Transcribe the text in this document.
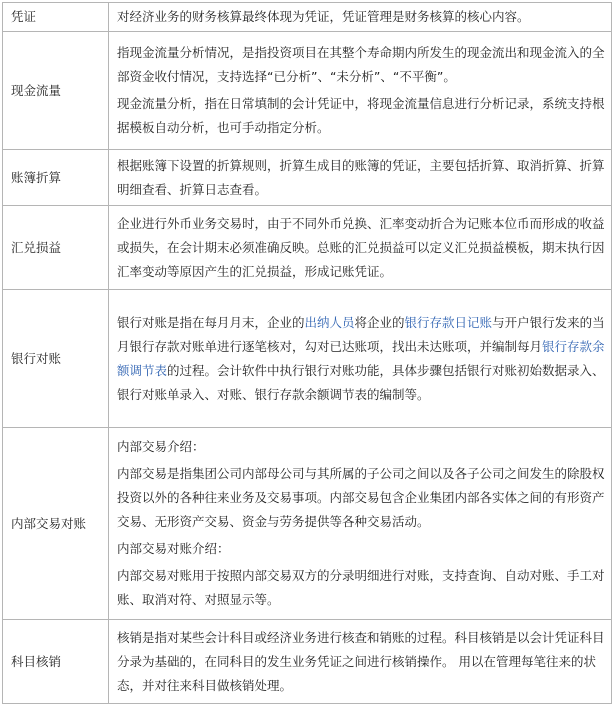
凭证	对经济业务的财务核算最终体现为凭证，凭证管理是财务核算的核心内容。

现金流量	指现金流量分析情况，是指投资项目在其整个寿命期内所发生的现金流出和现金流入的全部资金收付情况，支持选择“已分析”、“未分析”、“不平衡”。

现金流量分析，指在日常填制的会计凭证中，将现金流量信息进行分析记录，系统支持根据模板自动分析，也可手动指定分析。

账簿折算	根据账簿下设置的折算规则，折算生成目的账簿的凭证，主要包括折算、取消折算、折算明细查看、折算日志查看。

汇兑损益	企业进行外币业务交易时，由于不同外币兑换、汇率变动折合为记账本位币而形成的收益或损失，在会计期末必须准确反映。总账的汇兑损益可以定义汇兑损益模板，期末执行因汇率变动等原因产生的汇兑损益，形成记账凭证。

银行对账	银行对账是指在每月月末，企业的出纳人员将企业的银行存款日记账与开户银行发来的当月银行存款对账单进行逐笔核对，勾对已达账项，找出未达账项，并编制每月银行存款余额调节表的过程。会计软件中执行银行对账功能，具体步骤包括银行对账初始数据录入、银行对账单录入、对账、银行存款余额调节表的编制等。

内部交易对账	内部交易介绍：

内部交易是指集团公司内部母公司与其所属的子公司之间以及各子公司之间发生的除股权投资以外的各种往来业务及交易事项。内部交易包含企业集团内部各实体之间的有形资产交易、无形资产交易、资金与劳务提供等各种交易活动。

内部交易对账介绍：

内部交易对账用于按照内部交易双方的分录明细进行对账，支持查询、自动对账、手工对账、取消对符、对照显示等。

科目核销	核销是指对某些会计科目或经济业务进行核查和销账的过程。科目核销是以会计凭证科目分录为基础的，在同科目的发生业务凭证之间进行核销操作。 用以在管理每笔往来的状态，并对往来科目做核销处理。
